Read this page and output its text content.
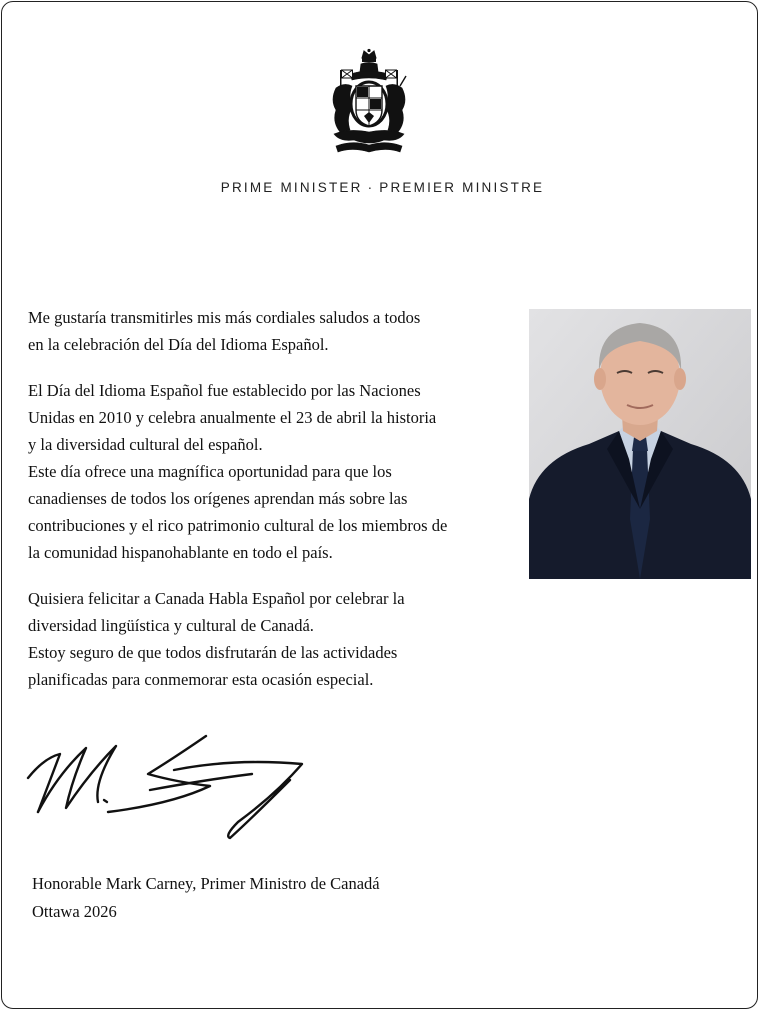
PRIME MINISTER · PREMIER MINISTRE

Me gustaría transmitirles mis más cordiales saludos a todos
en la celebración del Día del Idioma Español.

El Día del Idioma Español fue establecido por las Naciones
Unidas en 2010 y celebra anualmente el 23 de abril la historia
y la diversidad cultural del español.
Este día ofrece una magnífica oportunidad para que los
canadienses de todos los orígenes aprendan más sobre las
contribuciones y el rico patrimonio cultural de los miembros de
la comunidad hispanohablante en todo el país.

Quisiera felicitar a Canada Habla Español por celebrar la
diversidad lingüística y cultural de Canadá.
Estoy seguro de que todos disfrutarán de las actividades
planificadas para conmemorar esta ocasión especial.

Honorable Mark Carney, Primer Ministro de Canadá
Ottawa 2026
